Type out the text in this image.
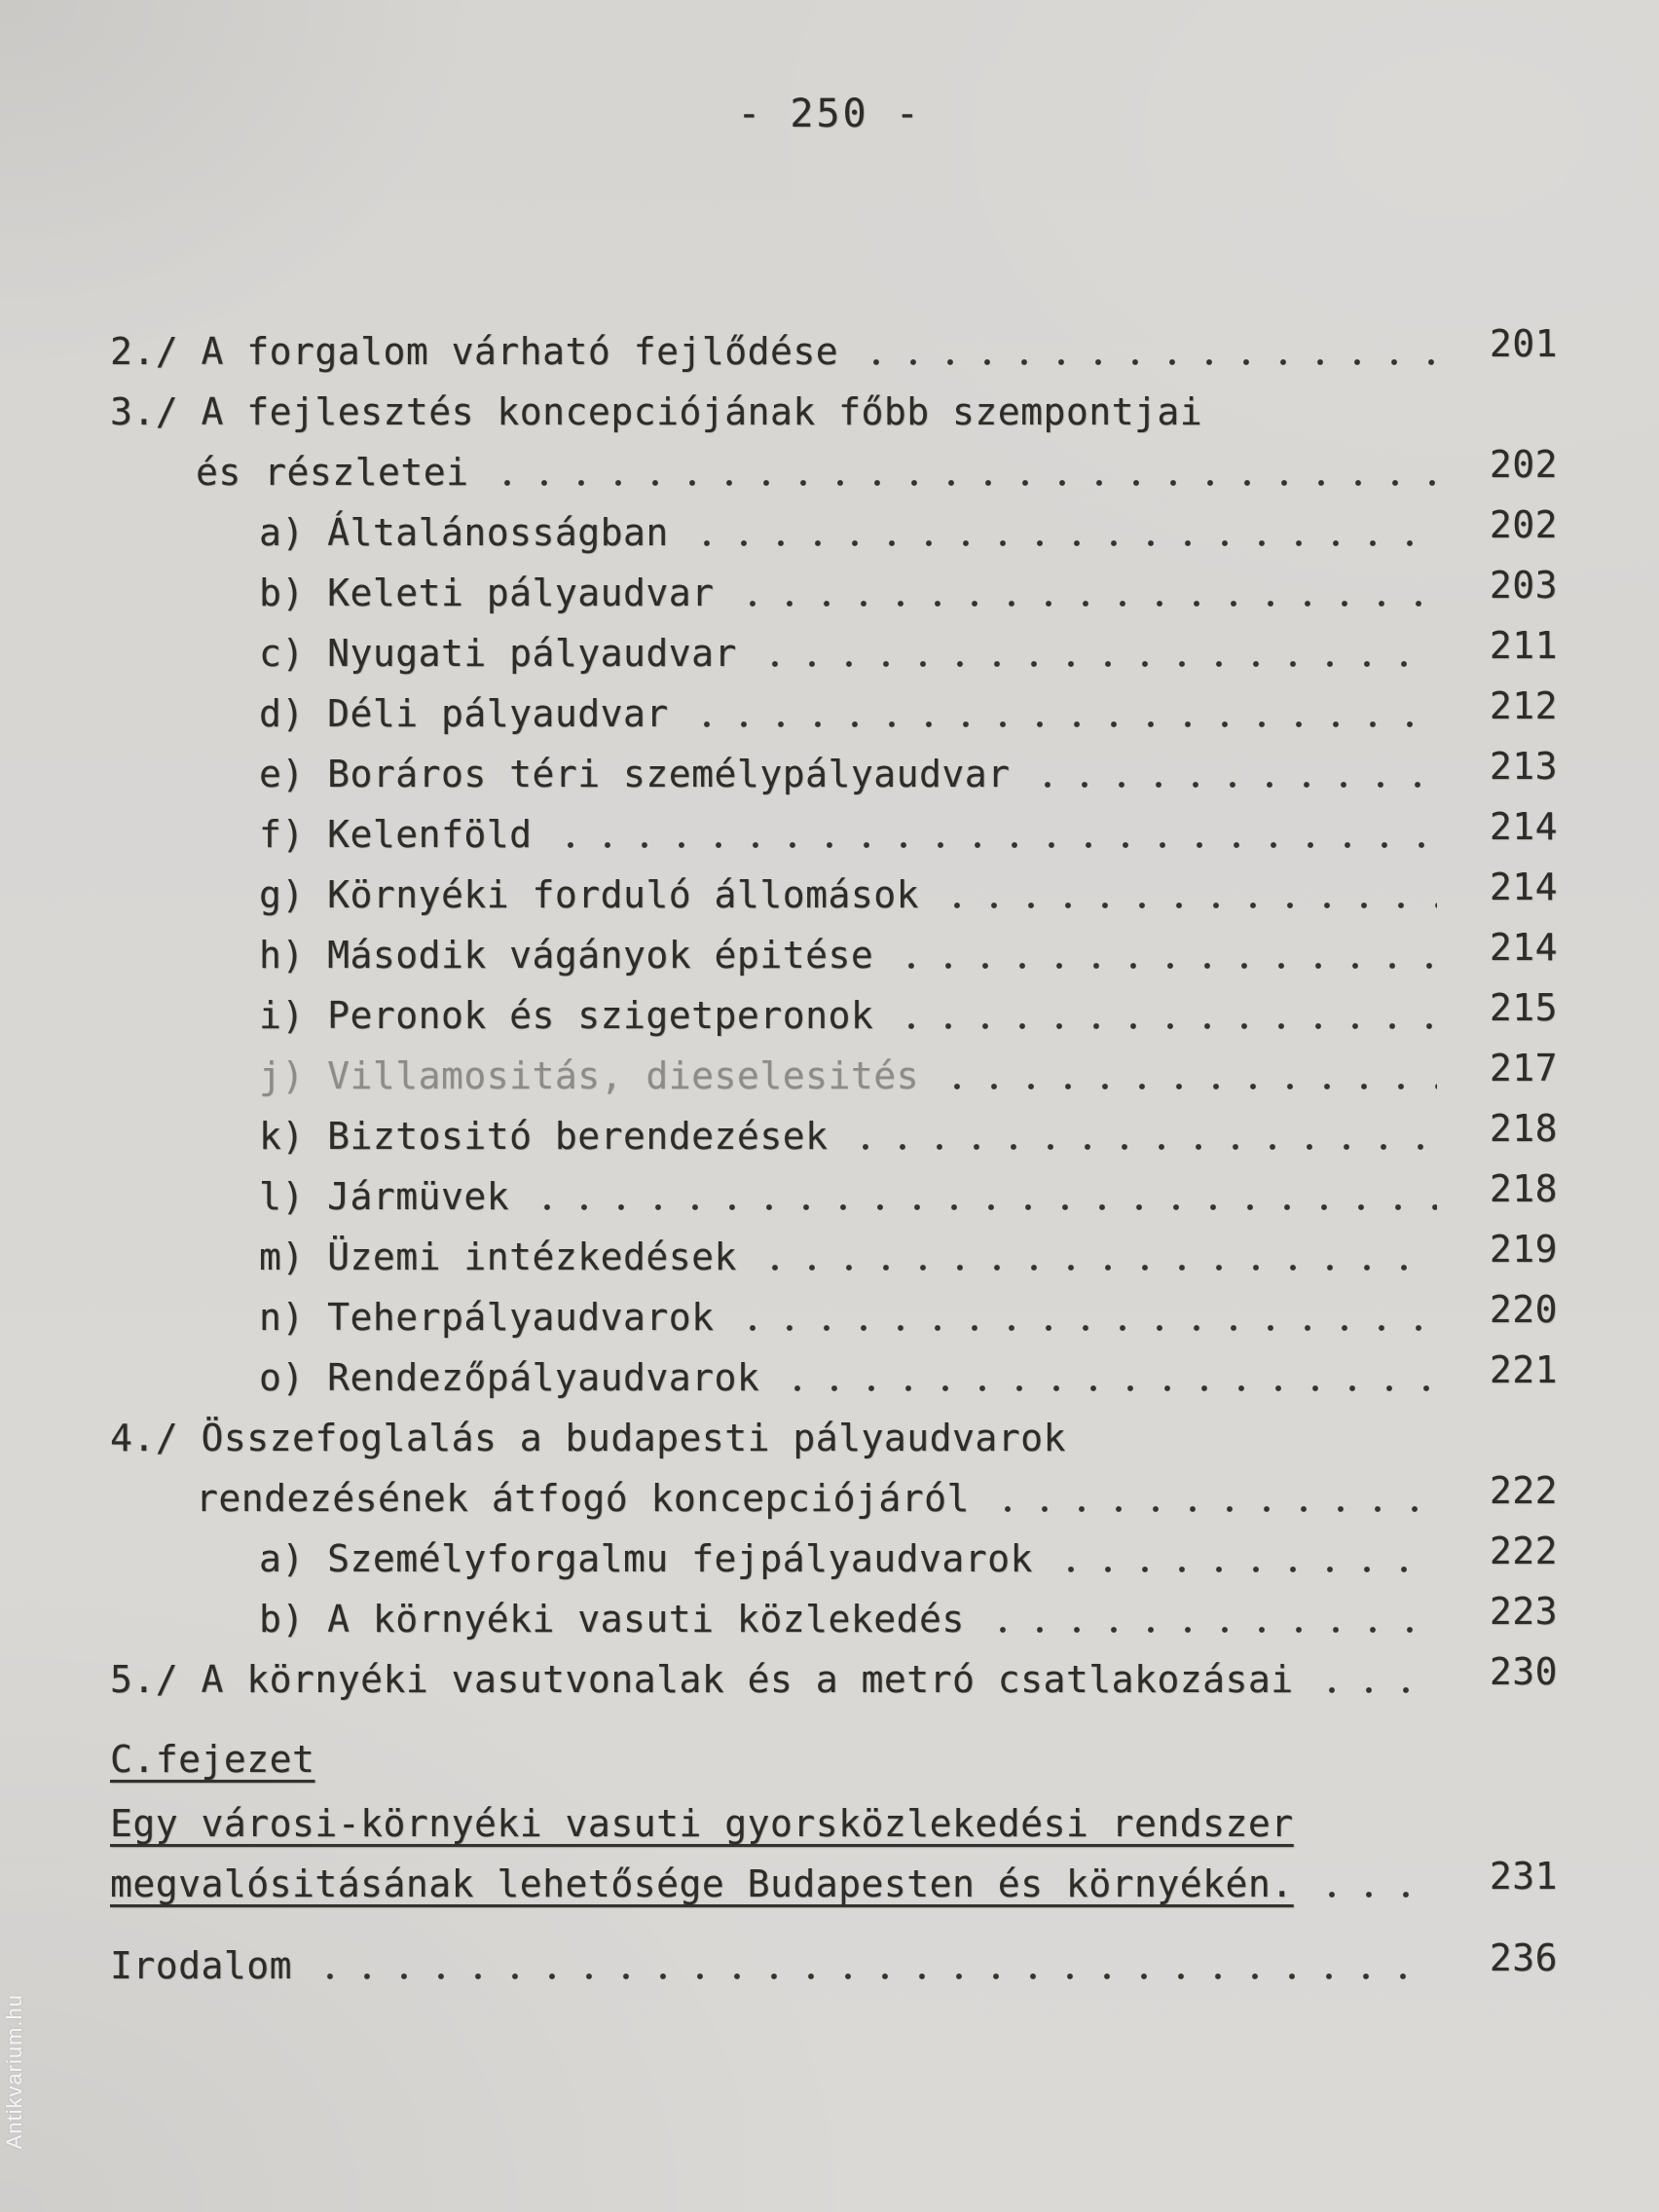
- 250 -
2./ A forgalom várható fejlődése	201
3./ A fejlesztés koncepciójának főbb szempontjai
és részletei	202
a) Általánosságban	202
b) Keleti pályaudvar	203
c) Nyugati pályaudvar	211
d) Déli pályaudvar	212
e) Boráros téri személypályaudvar	213
f) Kelenföld	214
g) Környéki forduló állomások	214
h) Második vágányok épitése	214
i) Peronok és szigetperonok	215
j) Villamositás, dieselesités	217
k) Biztositó berendezések	218
l) Jármüvek	218
m) Üzemi intézkedések	219
n) Teherpályaudvarok	220
o) Rendezőpályaudvarok	221
4./ Összefoglalás a budapesti pályaudvarok
rendezésének átfogó koncepciójáról	222
a) Személyforgalmu fejpályaudvarok	222
b) A környéki vasuti közlekedés	223
5./ A környéki vasutvonalak és a metró csatlakozásai	230
C.fejezet
Egy városi-környéki vasuti gyorsközlekedési rendszer
megvalósitásának lehetősége Budapesten és környékén.	231
Irodalom	236
Antikvarium.hu
